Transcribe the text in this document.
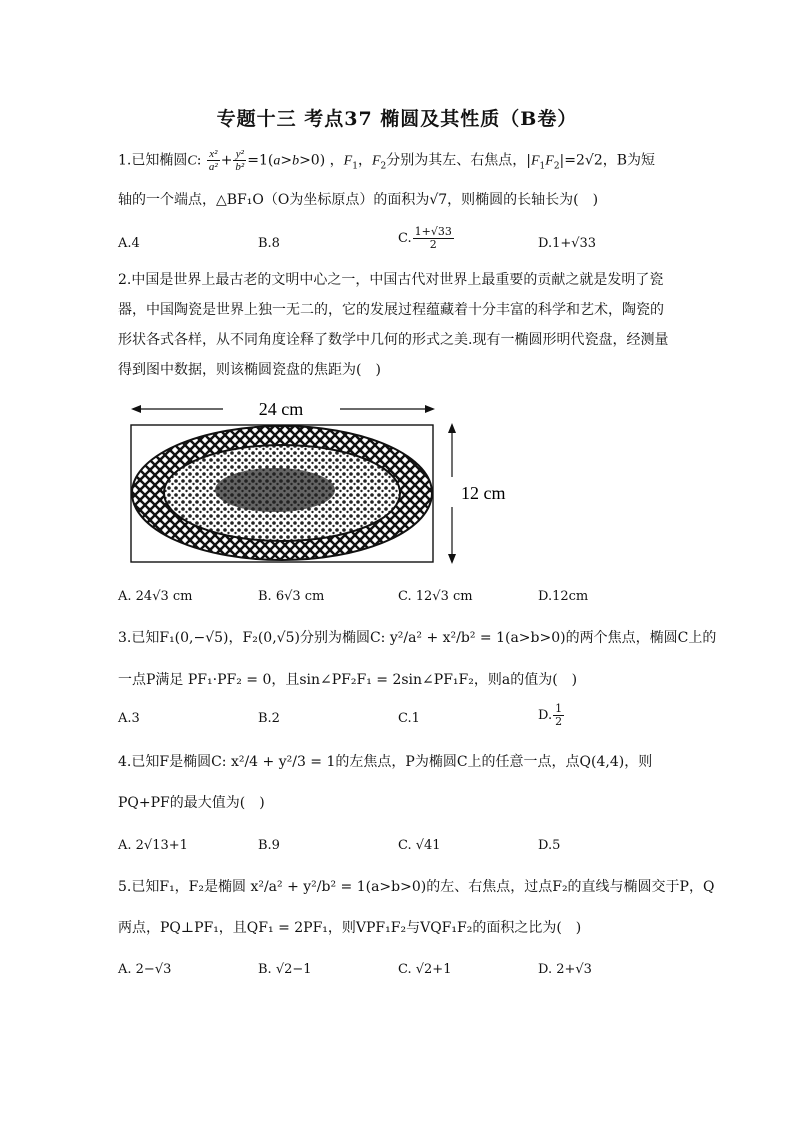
专题十三 考点37 椭圆及其性质（B卷）
1.已知椭圆C: $\frac{\text{x²}}{\text{a²}} + \frac{\text{y²}}{\text{b²}} =1(a>b>0)$ ，$F_1$，$F_2$分别为其左、右焦点，$|F_1F_2|=2√2$，B为短
轴的一个端点，△BF₁O（O为坐标原点）的面积为√7，则椭圆的长轴长为(　)
A.4	B.8	C. $\frac{1+√33}{2}$	D.1+√33
2.中国是世界上最古老的文明中心之一，中国古代对世界上最重要的贡献之就是发明了瓷
器，中国陶瓷是世界上独一无二的，它的发展过程蕴藏着十分丰富的科学和艺术，陶瓷的
形状各式各样，从不同角度诠释了数学中几何的形式之美.现有一椭圆形明代瓷盘，经测量
得到图中数据，则该椭圆瓷盘的焦距为(　)
24 cm
12 cm
A. 24√3 cm	B. 6√3 cm	C. 12√3 cm	D.12cm
3.已知F₁(0,−√5)，F₂(0,√5)分别为椭圆C: y²/a² + x²/b² = 1(a>b>0)的两个焦点，椭圆C上的
一点P满足 PF₁·PF₂ = 0，且sin∠PF₂F₁ = 2sin∠PF₁F₂，则a的值为(　)
A.3	B.2	C.1	D. $\frac{1}{2}$
4.已知F是椭圆C: x²/4 + y²/3 = 1的左焦点，P为椭圆C上的任意一点，点Q(4,4)，则
PQ+PF的最大值为(　)
A. 2√13+1	B.9	C. √41	D.5
5.已知F₁，F₂是椭圆 x²/a² + y²/b² = 1(a>b>0)的左、右焦点，过点F₂的直线与椭圆交于P，Q
两点，PQ⊥PF₁，且QF₁ = 2PF₁，则VPF₁F₂与VQF₁F₂的面积之比为(　)
A. 2−√3	B. √2−1	C. √2+1	D. 2+√3
